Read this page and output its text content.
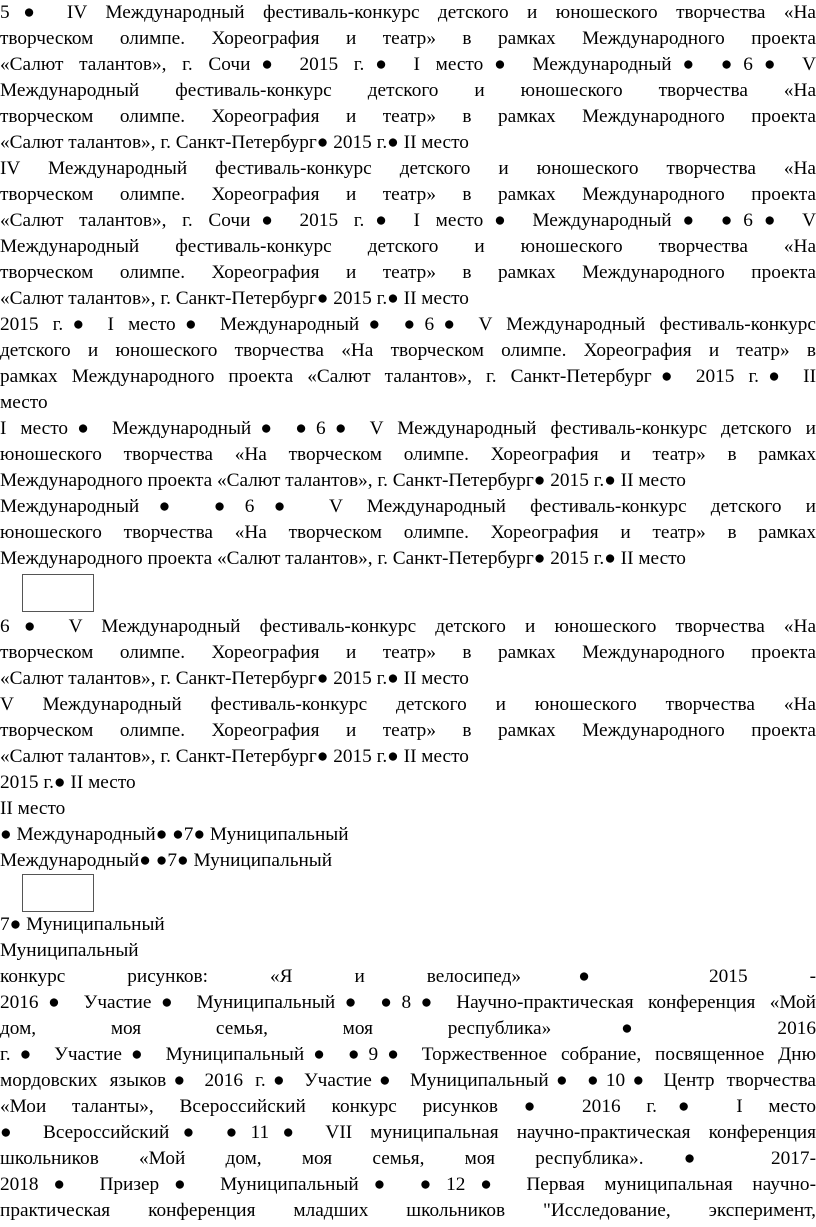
5● IV Международный фестиваль-конкурс детского и юношеского творчества «На
творческом олимпе. Хореография и театр» в рамках Международного проекта
«Салют талантов», г. Сочи● 2015 г.● I место● Международный● ●6● V
Международный фестиваль-конкурс детского и юношеского творчества «На
творческом олимпе. Хореография и театр» в рамках Международного проекта
«Салют талантов», г. Санкт-Петербург● 2015 г.● II место
IV Международный фестиваль-конкурс детского и юношеского творчества «На
творческом олимпе. Хореография и театр» в рамках Международного проекта
«Салют талантов», г. Сочи● 2015 г.● I место● Международный● ●6● V
Международный фестиваль-конкурс детского и юношеского творчества «На
творческом олимпе. Хореография и театр» в рамках Международного проекта
«Салют талантов», г. Санкт-Петербург● 2015 г.● II место
2015 г.● I место● Международный● ●6● V Международный фестиваль-конкурс
детского и юношеского творчества «На творческом олимпе. Хореография и театр» в
рамках Международного проекта «Салют талантов», г. Санкт-Петербург● 2015 г.● II
место
I место● Международный● ●6● V Международный фестиваль-конкурс детского и
юношеского творчества «На творческом олимпе. Хореография и театр» в рамках
Международного проекта «Салют талантов», г. Санкт-Петербург● 2015 г.● II место
Международный● ●6● V Международный фестиваль-конкурс детского и
юношеского творчества «На творческом олимпе. Хореография и театр» в рамках
Международного проекта «Салют талантов», г. Санкт-Петербург● 2015 г.● II место
6● V Международный фестиваль-конкурс детского и юношеского творчества «На
творческом олимпе. Хореография и театр» в рамках Международного проекта
«Салют талантов», г. Санкт-Петербург● 2015 г.● II место
V Международный фестиваль-конкурс детского и юношеского творчества «На
творческом олимпе. Хореография и театр» в рамках Международного проекта
«Салют талантов», г. Санкт-Петербург● 2015 г.● II место
2015 г.● II место
II место
● Международный● ●7● Муниципальный
Международный● ●7● Муниципальный
7● Муниципальный
Муниципальный
конкурс рисунков: «Я и велосипед»● 2015 -
2016● Участие● Муниципальный● ●8● Научно-практическая конференция «Мой
дом, моя семья, моя республика»● 2016
г.● Участие● Муниципальный● ●9● Торжественное собрание, посвященное Дню
мордовских языков● 2016 г.● Участие● Муниципальный● ●10● Центр творчества
«Мои таланты», Всероссийский конкурс рисунков ● 2016 г.● I место
● Всероссийский● ●11● VII муниципальная научно-практическая конференция
школьников «Мой дом, моя семья, моя республика». ● 2017-
2018● Призер● Муниципальный● ●12● Первая муниципальная научно-
практическая конференция младших школьников "Исследование, эксперимент,
